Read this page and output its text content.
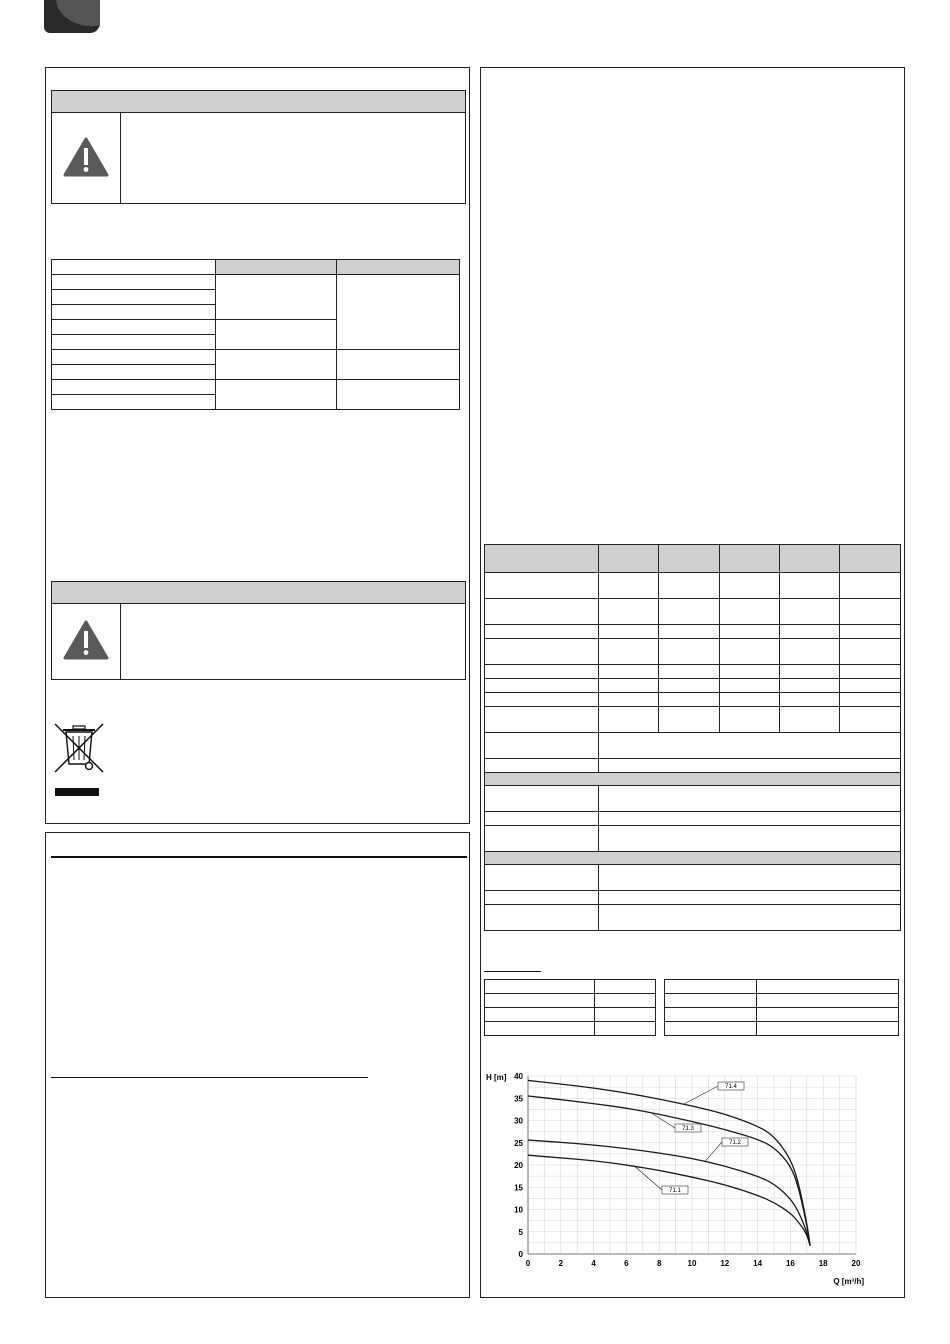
0	2	4	6	8	10	12	14	16	18	20
0
5
10
15
20
25
30
35
40
71.4
71.3
71.2
71.1
H [m]
Q [m³/h]
